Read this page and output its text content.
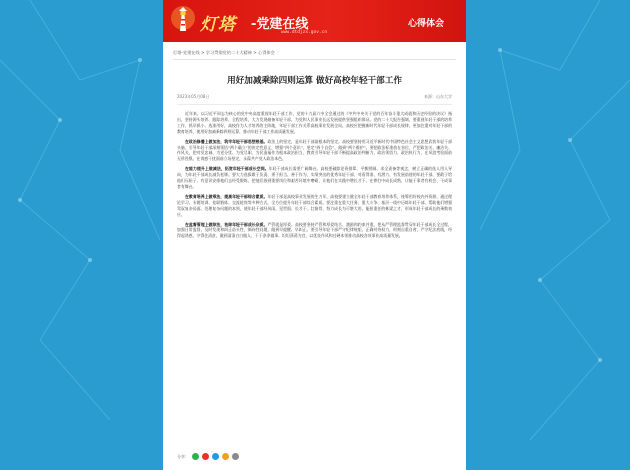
灯塔 -党建在线
www.dtdjzx.gov.cn
心得体会
灯塔-党建在线 > 学习贯彻党的二十大精神 > 心得体会
用好加减乘除四则运算 做好高校年轻干部工作
2023年05月08日	来源：山东大学

近年来，以习近平同志为核心的党中央高度重视年轻干部工作，党的十九届六中全会通过的《中共中央关于党的百年奋斗重大成就和历史经验的决议》指出，坚持源头培养、跟踪培养、全程培养，大力发现储备年轻干部，为党和人民事业长远发展提供坚强组织保证。党的二十大报告强调，要重视年轻干部的培养工作，抓早抓小、选准用好，高校作为人才培养的主阵地，年轻干部工作关系高校事业发展全局。高校应把握新时代年轻干部成长规律，更加注重对年轻干部的教育培养，使用好加减乘除四则运算，推动年轻干部工作高质量发展。

在政治修養上做加法，筑牢年轻干部思想根基。政治上的坚定，是年轻干部最根本的坚定。高校要坚持用习近平新时代中国特色社会主义思想武装年轻干部头脑，引导年轻干部深刻领悟“两个确立”的决定性意义，增强“四个意识”、坚定“四个自信”、做到“两个维护”。要把政治标准放在首位，严把政治关、廉洁关、作风关，把对党忠诚、为党分忧、为党尽职、为民造福作为根本政治担当，教育引导年轻干部不断提高政治判断力、政治领悟力、政治执行力，在风浪考验面前无所畏惧，在诱惑干扰面前立场坚定，永葆共产党人政治本色。

在能力提升上做减法，拓宽年轻干部成长空间。年轻干部成长需要广阔舞台。高校要破除论资排辈、平衡照顾、求全责备等观念，树立正确的选人用人导向，为年轻干部成长减负松绑。要大力选拔敢于负责、勇于担当、善于作为、实绩突出的优秀年轻干部，对看得准、有潜力、有发展前途的年轻干部，要敢于给他们压担子，有意识安排他们去经受锻炼，把他们放到重要岗位和艰苦环境中磨砺，让他们在实践中增长才干、在摔打中成长成熟，让能干事者有机会、干成事者有舞台。

在教育培养上做乘法，提高年轻干部综合素质。年轻干部是高校事业发展的生力军，高校要建立健全年轻干部教育培养体系，统筹用好校内外资源，通过理论学习、专题培训、挂职锻炼、交流轮岗等多种方式，全方位提升年轻干部综合素质。要注重在重大任务、重大斗争、基层一线中历练年轻干部，帮助他们增强驾驭复杂局面、处理复杂问题的本领，使年轻干部经风雨、见世面、长才干、壮筋骨，努力成长为可堪大用、能担重任的栋梁之才，形成年轻干部成长的乘数效应。

在监督管理上做除法，祛除年轻干部成长杂质。严管就是厚爱。高校要坚持严管和厚爱结合、激励和约束并重，把从严管理监督贯穿年轻干部成长全过程，加强日常监督，及时发现和纠正苗头性、倾向性问题，做到早提醒、早纠正。要引导年轻干部严守纪律规矩，正确对待权力，时刻自重自省，严守纪法底线，经得起诱惑，守得住清贫，做到清清白白做人、干干净净做事、坦坦荡荡为官，以优良作风和过硬本领推动高校各项事业高质量发展。

分享：
